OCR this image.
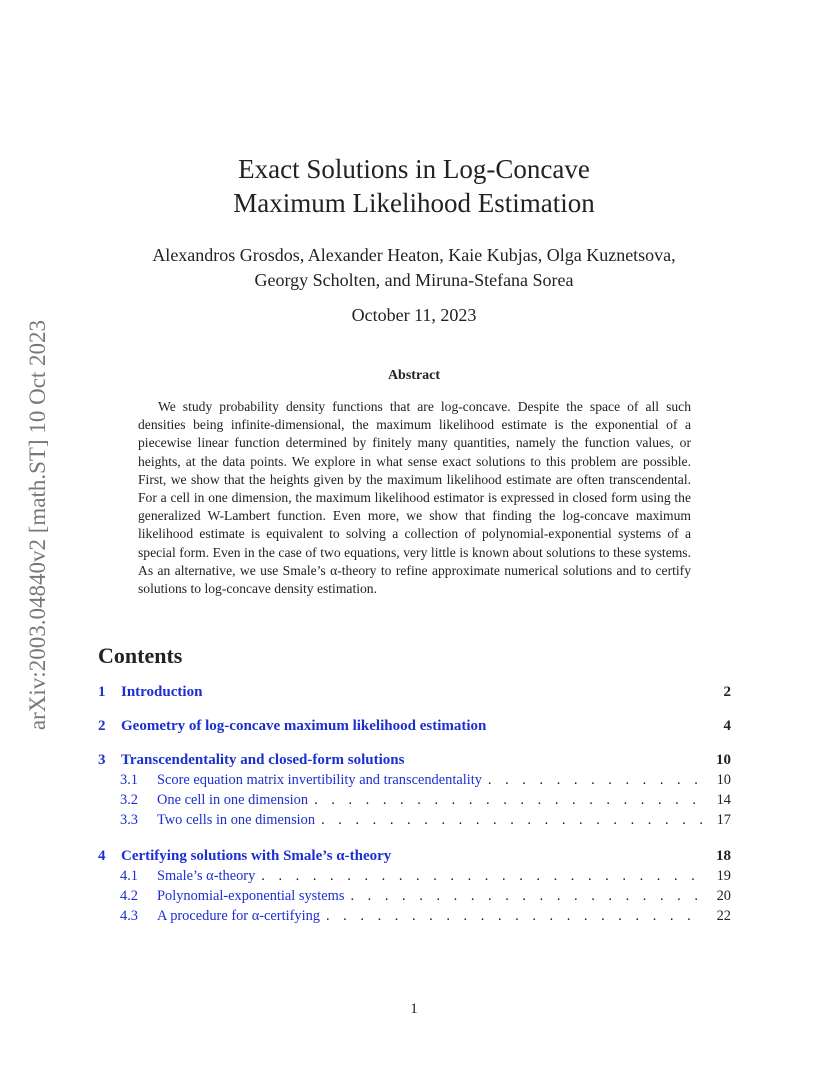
arXiv:2003.04840v2 [math.ST] 10 Oct 2023
Exact Solutions in Log-Concave
Maximum Likelihood Estimation
Alexandros Grosdos, Alexander Heaton, Kaie Kubjas, Olga Kuznetsova,
Georgy Scholten, and Miruna-Stefana Sorea
October 11, 2023
Abstract

We study probability density functions that are log-concave. Despite the space of all such densities being infinite-dimensional, the maximum likelihood estimate is the exponential of a piecewise linear function determined by finitely many quantities, namely the function values, or heights, at the data points. We explore in what sense exact solutions to this problem are possible. First, we show that the heights given by the maximum likelihood estimate are often transcendental. For a cell in one dimension, the maximum likelihood estimator is expressed in closed form using the generalized W-Lambert function. Even more, we show that finding the log-concave maximum likelihood estimate is equivalent to solving a collection of polynomial-exponential systems of a special form. Even in the case of two equations, very little is known about solutions to these systems. As an alternative, we use Smale’s α-theory to refine approximate numerical solutions and to certify solutions to log-concave density estimation.

Contents
1	Introduction	2
2	Geometry of log-concave maximum likelihood estimation	4
3	Transcendentality and closed-form solutions	10
3.1	Score equation matrix invertibility and transcendentality . . .	10
3.2	One cell in one dimension . . .	14
3.3	Two cells in one dimension . . .	17
4	Certifying solutions with Smale’s α-theory	18
4.1	Smale’s α-theory . . .	19
4.2	Polynomial-exponential systems . . .	20
4.3	A procedure for α-certifying . . .	22
1
